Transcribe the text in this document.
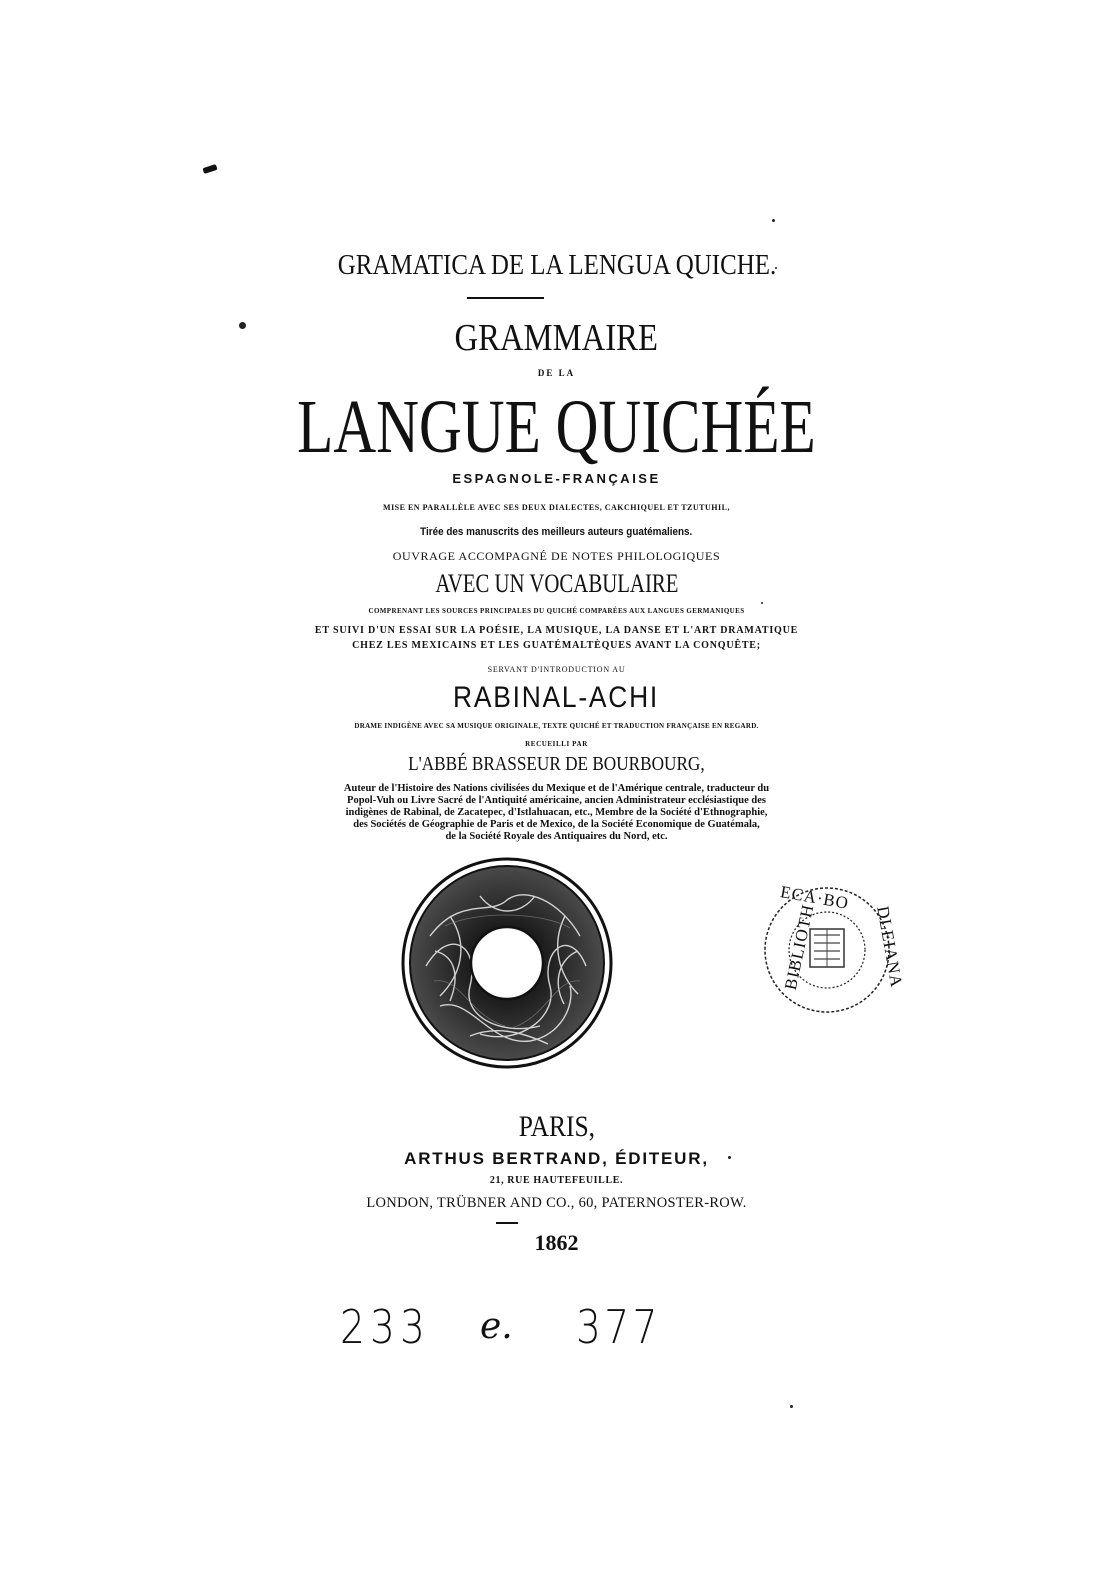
GRAMATICA DE LA LENGUA QUICHE.
GRAMMAIRE
DE LA
LANGUE QUICHÉE
ESPAGNOLE-FRANÇAISE
MISE EN PARALLÈLE AVEC SES DEUX DIALECTES, CAKCHIQUEL ET TZUTUHIL,
Tirée des manuscrits des meilleurs auteurs guatémaliens.
OUVRAGE ACCOMPAGNÉ DE NOTES PHILOLOGIQUES
AVEC UN VOCABULAIRE
COMPRENANT LES SOURCES PRINCIPALES DU QUICHÉ COMPARÉES AUX LANGUES GERMANIQUES
ET SUIVI D'UN ESSAI SUR LA POÉSIE, LA MUSIQUE, LA DANSE ET L'ART DRAMATIQUE
CHEZ LES MEXICAINS ET LES GUATÉMALTÈQUES AVANT LA CONQUÊTE;
SERVANT D'INTRODUCTION AU
RABINAL-ACHI
DRAME INDIGÈNE AVEC SA MUSIQUE ORIGINALE, TEXTE QUICHÉ ET TRADUCTION FRANÇAISE EN REGARD.
RECUEILLI PAR
L'ABBÉ BRASSEUR DE BOURBOURG,
Auteur de l'Histoire des Nations civilisées du Mexique et de l'Amérique centrale, traducteur du
Popol-Vuh ou Livre Sacré de l'Antiquité américaine, ancien Administrateur ecclésiastique des
indigènes de Rabinal, de Zacatepec, d'Istlahuacan, etc., Membre de la Société d'Ethnographie,
des Sociétés de Géographie de Paris et de Mexico, de la Société Economique de Guatémala,
de la Société Royale des Antiquaires du Nord, etc.
ECA·BO
BIBLIOTH	DLEIANA
PARIS,
ARTHUS BERTRAND, ÉDITEUR,
21, RUE HAUTEFEUILLE.
LONDON, TRÜBNER AND CO., 60, PATERNOSTER-ROW.
1862
233 e. 377
